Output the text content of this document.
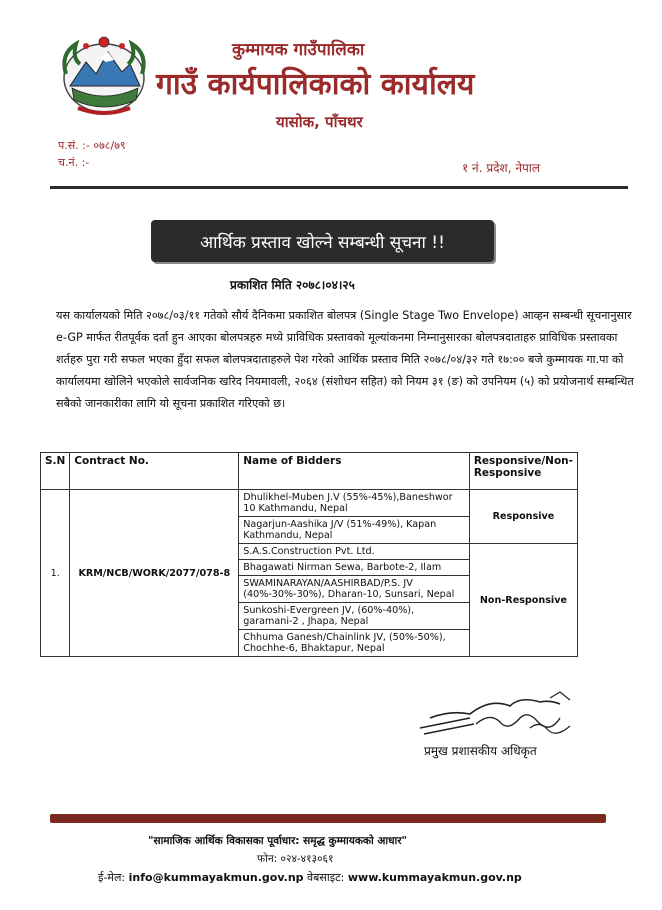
कुम्मायक गाउँपालिका
गाउँ कार्यपालिकाको कार्यालय
यासोक, पाँचथर
प.सं. :- ०७८/७९
च.नं. :-	१ नं. प्रदेश, नेपाल
आर्थिक प्रस्ताव खोल्ने सम्बन्धी सूचना !!
प्रकाशित मिति २०७८।०४।२५
यस कार्यालयको मिति २०७८/०३/११ गतेको सौर्य दैनिकमा प्रकाशित बोलपत्र (Single Stage Two Envelope) आव्हन सम्बन्धी सूचनानुसार e-GP मार्फत रीतपूर्वक दर्ता हुन आएका बोलपत्रहरु मध्ये प्राविधिक प्रस्तावको मूल्यांकनमा निम्नानुसारका बोलपत्रदाताहरु प्राविधिक प्रस्तावका शर्तहरु पुरा गरी सफल भएका हुँदा सफल बोलपत्रदाताहरुले पेश गरेको आर्थिक प्रस्ताव मिति २०७८/०४/३२ गते १७:०० बजे कुम्मायक गा.पा को कार्यालयमा खोलिने भएकोले सार्वजनिक खरिद नियमावली, २०६४ (संशोधन सहित) को नियम ३१ (ङ) को उपनियम (५) को प्रयोजनार्थ सम्बन्धित सबैको जानकारीका लागि यो सूचना प्रकाशित गरिएको छ।
S.N	Contract No.	Name of Bidders	Responsive/Non-Responsive
1.	KRM/NCB/WORK/2077/078-8	Dhulikhel-Muben J.V (55%-45%),Baneshwor 10 Kathmandu, Nepal	Responsive
		Nagarjun-Aashika J/V (51%-49%), Kapan Kathmandu, Nepal	
		S.A.S.Construction Pvt. Ltd.	Non-Responsive
		Bhagawati Nirman Sewa, Barbote-2, Ilam	
		SWAMINARAYAN/AASHIRBAD/P.S. JV (40%-30%-30%), Dharan-10, Sunsari, Nepal	
		Sunkoshi-Evergreen JV, (60%-40%), garamani-2 , Jhapa, Nepal	
		Chhuma Ganesh/Chainlink JV, (50%-50%), Chochhe-6, Bhaktapur, Nepal	
प्रमुख प्रशासकीय अधिकृत
"सामाजिक आर्थिक विकासका पूर्वाधार: समृद्ध कुम्मायकको आधार"
फोन: ०२४-४१३०६१
ई-मेल: info@kummayakmun.gov.np वेबसाइट: www.kummayakmun.gov.np
